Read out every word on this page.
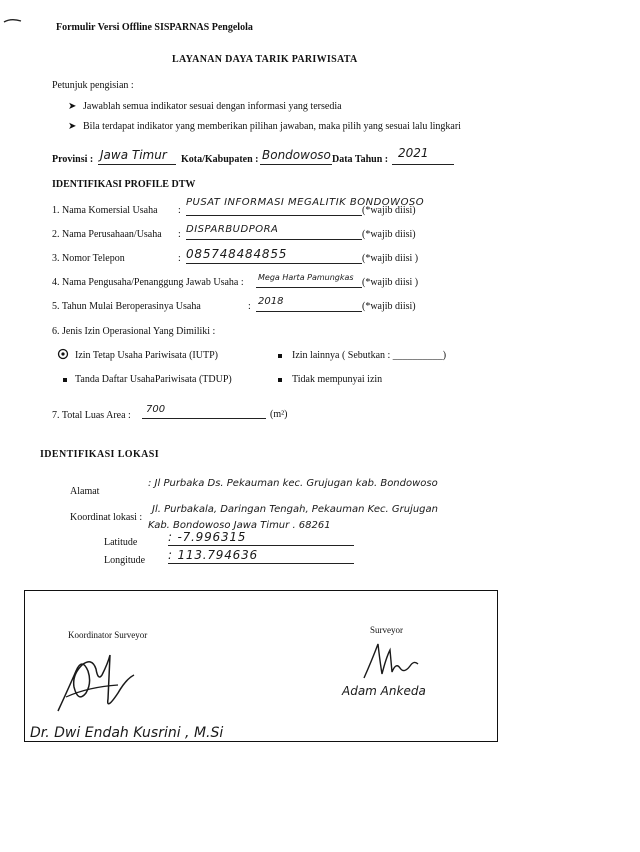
Formulir Versi Offline SISPARNAS Pengelola
LAYANAN DAYA TARIK PARIWISATA
Petunjuk pengisian :
➤ Jawablah semua indikator sesuai dengan informasi yang tersedia
➤ Bila terdapat indikator yang memberikan pilihan jawaban, maka pilih yang sesuai lalu lingkari
Provinsi : Jawa Timur Kota/Kabupaten : Bondowoso Data Tahun : 2021
IDENTIFIKASI PROFILE DTW
1. Nama Komersial Usaha :
PUSAT INFORMASI MEGALITIK BONDOWOSO
(*wajib diisi)
2. Nama Perusahaan/Usaha : DISPARBUDPORA	(*wajib diisi)
3. Nomor Telepon	: 085748484855	(*wajib diisi )
4. Nama Pengusaha/Penanggung Jawab Usaha : Mega Harta Pamungkas (*wajib diisi )
5. Tahun Mulai Beroperasinya Usaha	: 2018	(*wajib diisi)
6. Jenis Izin Operasional Yang Dimiliki :
Izin Tetap Usaha Pariwisata (IUTP)	Izin lainnya ( Sebutkan : __________)
Tanda Daftar UsahaPariwisata (TDUP)	Tidak mempunyai izin
7. Total Luas Area :
700	(m²)
IDENTIFIKASI LOKASI
Alamat
: Jl Purbaka Ds. Pekauman kec. Grujugan kab. Bondowoso
Koordinat lokasi :
Jl. Purbakala, Daringan Tengah, Pekauman Kec. Grujugan
Kab. Bondowoso Jawa Timur . 68261
Latitude	: -7.996315
Longitude : 113.794636
Koordinator Surveyor
Dr. Dwi Endah Kusrini , M.Si
Surveyor
Adam Ankeda
